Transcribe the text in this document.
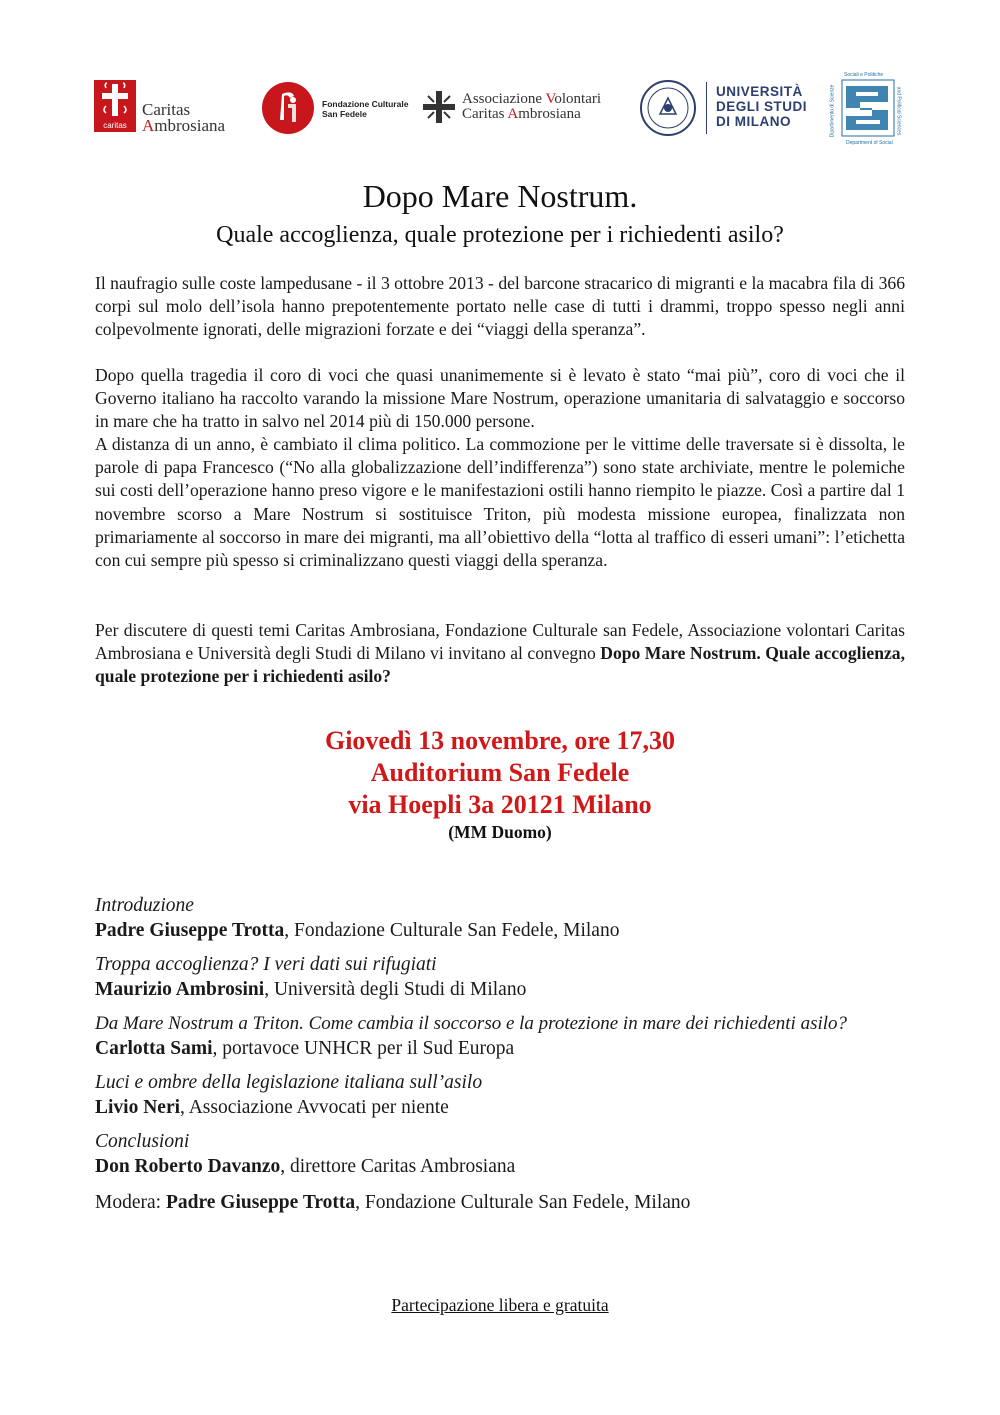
caritas
Caritas
Ambrosiana
Fondazione Culturale
San Fedele
Associazione Volontari
Caritas Ambrosiana
UNIVERSITÀ
DEGLI STUDI
DI MILANO
Sociali e Politiche
Dipartimento di Scienze	and Political Sciences
Department of Social
Dopo Mare Nostrum.
Quale accoglienza, quale protezione per i richiedenti asilo?

Il naufragio sulle coste lampedusane - il 3 ottobre 2013 - del barcone stracarico di migranti e la macabra fila di 366 corpi sul molo dell’isola hanno prepotentemente portato nelle case di tutti i drammi, troppo spesso negli anni colpevolmente ignorati, delle migrazioni forzate e dei “viaggi della speranza”.

Dopo quella tragedia il coro di voci che quasi unanimemente si è levato è stato “mai più”, coro di voci che il Governo italiano ha raccolto varando la missione Mare Nostrum, operazione umanitaria di salvataggio e soccorso in mare che ha tratto in salvo nel 2014 più di 150.000 persone.

A distanza di un anno, è cambiato il clima politico. La commozione per le vittime delle traversate si è dissolta, le parole di papa Francesco (“No alla globalizzazione dell’indifferenza”) sono state archiviate, mentre le polemiche sui costi dell’operazione hanno preso vigore e le manifestazioni ostili hanno riempito le piazze. Così a partire dal 1 novembre scorso a Mare Nostrum si sostituisce Triton, più modesta missione europea, finalizzata non primariamente al soccorso in mare dei migranti, ma all’obiettivo della “lotta al traffico di esseri umani”: l’etichetta con cui sempre più spesso si criminalizzano questi viaggi della speranza.

Per discutere di questi temi Caritas Ambrosiana, Fondazione Culturale san Fedele, Associazione volontari Caritas Ambrosiana e Università degli Studi di Milano vi invitano al convegno Dopo Mare Nostrum. Quale accoglienza, quale protezione per i richiedenti asilo?

Giovedì 13 novembre, ore 17,30

Auditorium San Fedele

via Hoepli 3a 20121 Milano

(MM Duomo)

Introduzione

Padre Giuseppe Trotta, Fondazione Culturale San Fedele, Milano

Troppa accoglienza? I veri dati sui rifugiati

Maurizio Ambrosini, Università degli Studi di Milano

Da Mare Nostrum a Triton. Come cambia il soccorso e la protezione in mare dei richiedenti asilo?

Carlotta Sami, portavoce UNHCR per il Sud Europa

Luci e ombre della legislazione italiana sull’asilo

Livio Neri, Associazione Avvocati per niente

Conclusioni

Don Roberto Davanzo, direttore Caritas Ambrosiana

Modera: Padre Giuseppe Trotta, Fondazione Culturale San Fedele, Milano

Partecipazione libera e gratuita
